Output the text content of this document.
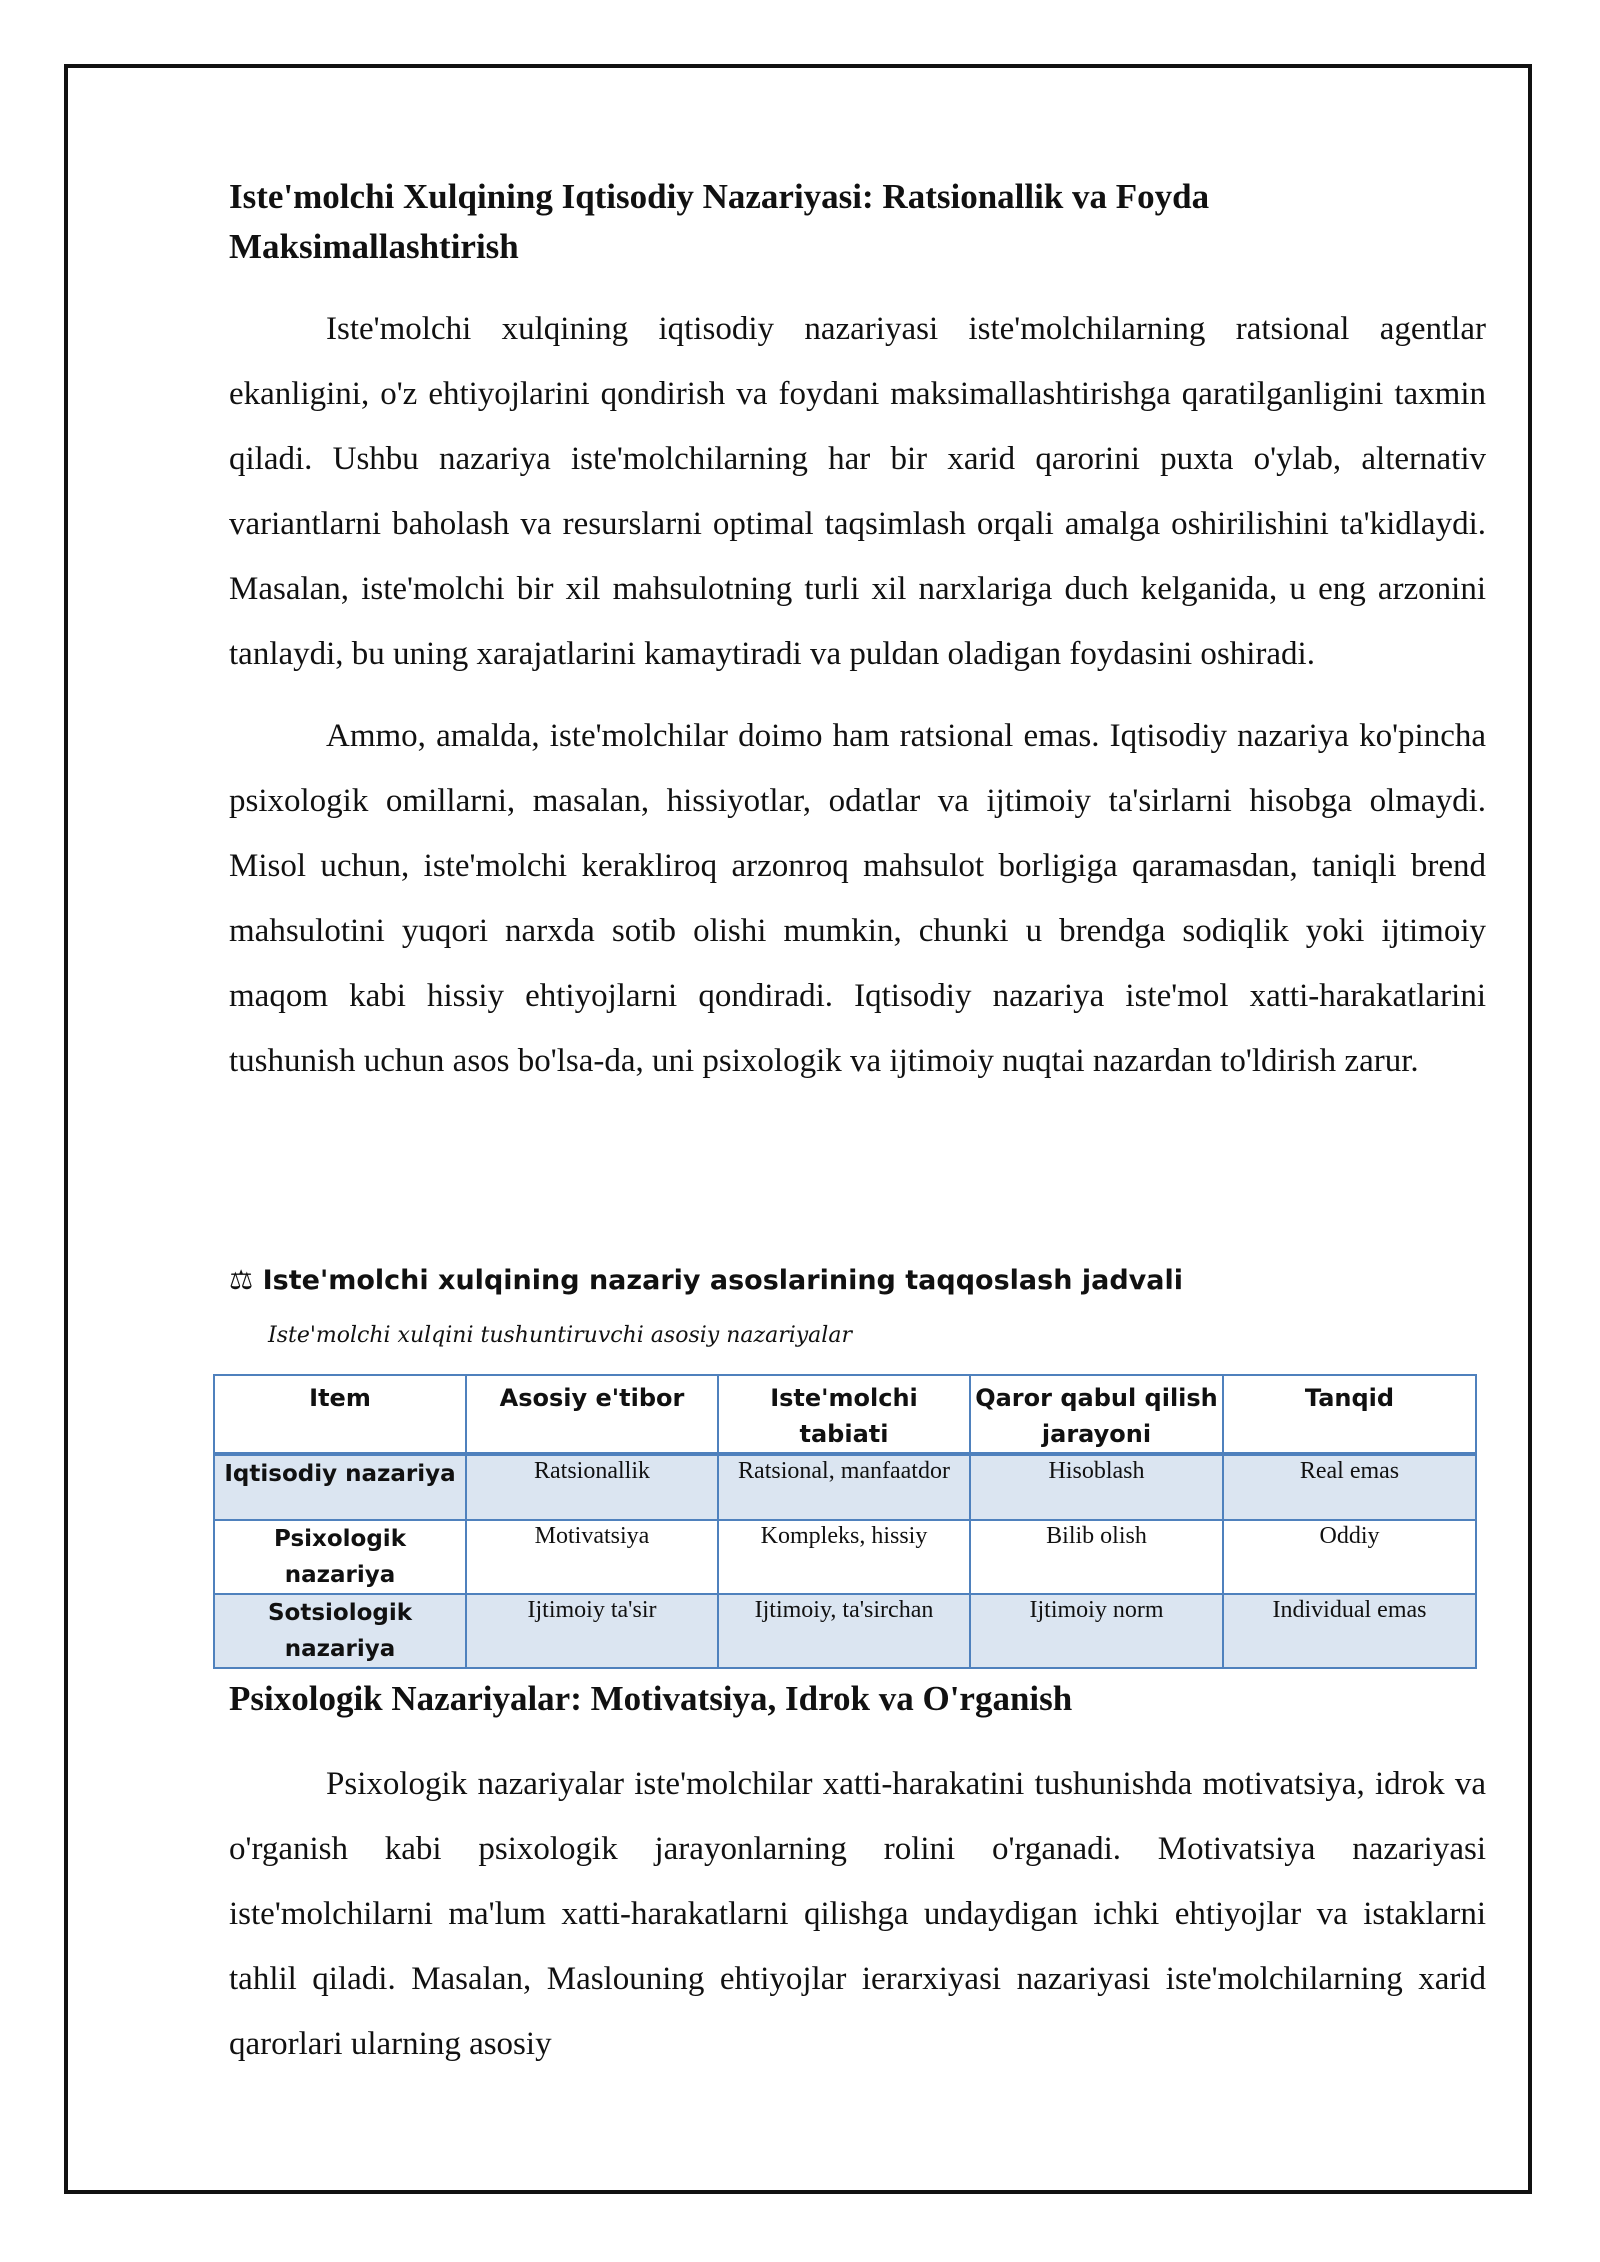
Iste'molchi Xulqining Iqtisodiy Nazariyasi: Ratsionallik va Foyda Maksimallashtirish

Iste'molchi xulqining iqtisodiy nazariyasi iste'molchilarning ratsional agentlar ekanligini, o'z ehtiyojlarini qondirish va foydani maksimallashtirishga qaratilganligini taxmin qiladi. Ushbu nazariya iste'molchilarning har bir xarid qarorini puxta o'ylab, alternativ variantlarni baholash va resurslarni optimal taqsimlash orqali amalga oshirilishini ta'kidlaydi. Masalan, iste'molchi bir xil mahsulotning turli xil narxlariga duch kelganida, u eng arzonini tanlaydi, bu uning xarajatlarini kamaytiradi va puldan oladigan foydasini oshiradi.

Ammo, amalda, iste'molchilar doimo ham ratsional emas. Iqtisodiy nazariya ko'pincha psixologik omillarni, masalan, hissiyotlar, odatlar va ijtimoiy ta'sirlarni hisobga olmaydi. Misol uchun, iste'molchi kerakliroq arzonroq mahsulot borligiga qaramasdan, taniqli brend mahsulotini yuqori narxda sotib olishi mumkin, chunki u brendga sodiqlik yoki ijtimoiy maqom kabi hissiy ehtiyojlarni qondiradi. Iqtisodiy nazariya iste'mol xatti-harakatlarini tushunish uchun asos bo'lsa-da, uni psixologik va ijtimoiy nuqtai nazardan to'ldirish zarur.

⚖ Iste'molchi xulqining nazariy asoslarining taqqoslash jadvali
Iste'molchi xulqini tushuntiruvchi asosiy nazariyalar
Item	Asosiy e'tibor	Iste'molchi tabiati	Qaror qabul qilish jarayoni	Tanqid
Iqtisodiy nazariya	Ratsionallik	Ratsional, manfaatdor	Hisoblash	Real emas
Psixologik nazariya	Motivatsiya	Kompleks, hissiy	Bilib olish	Oddiy
Sotsiologik nazariya	Ijtimoiy ta'sir	Ijtimoiy, ta'sirchan	Ijtimoiy norm	Individual emas
Psixologik Nazariyalar: Motivatsiya, Idrok va O'rganish

Psixologik nazariyalar iste'molchilar xatti-harakatini tushunishda motivatsiya, idrok va o'rganish kabi psixologik jarayonlarning rolini o'rganadi. Motivatsiya nazariyasi iste'molchilarni ma'lum xatti-harakatlarni qilishga undaydigan ichki ehtiyojlar va istaklarni tahlil qiladi. Masalan, Maslouning ehtiyojlar ierarxiyasi nazariyasi iste'molchilarning xarid qarorlari ularning asosiy
